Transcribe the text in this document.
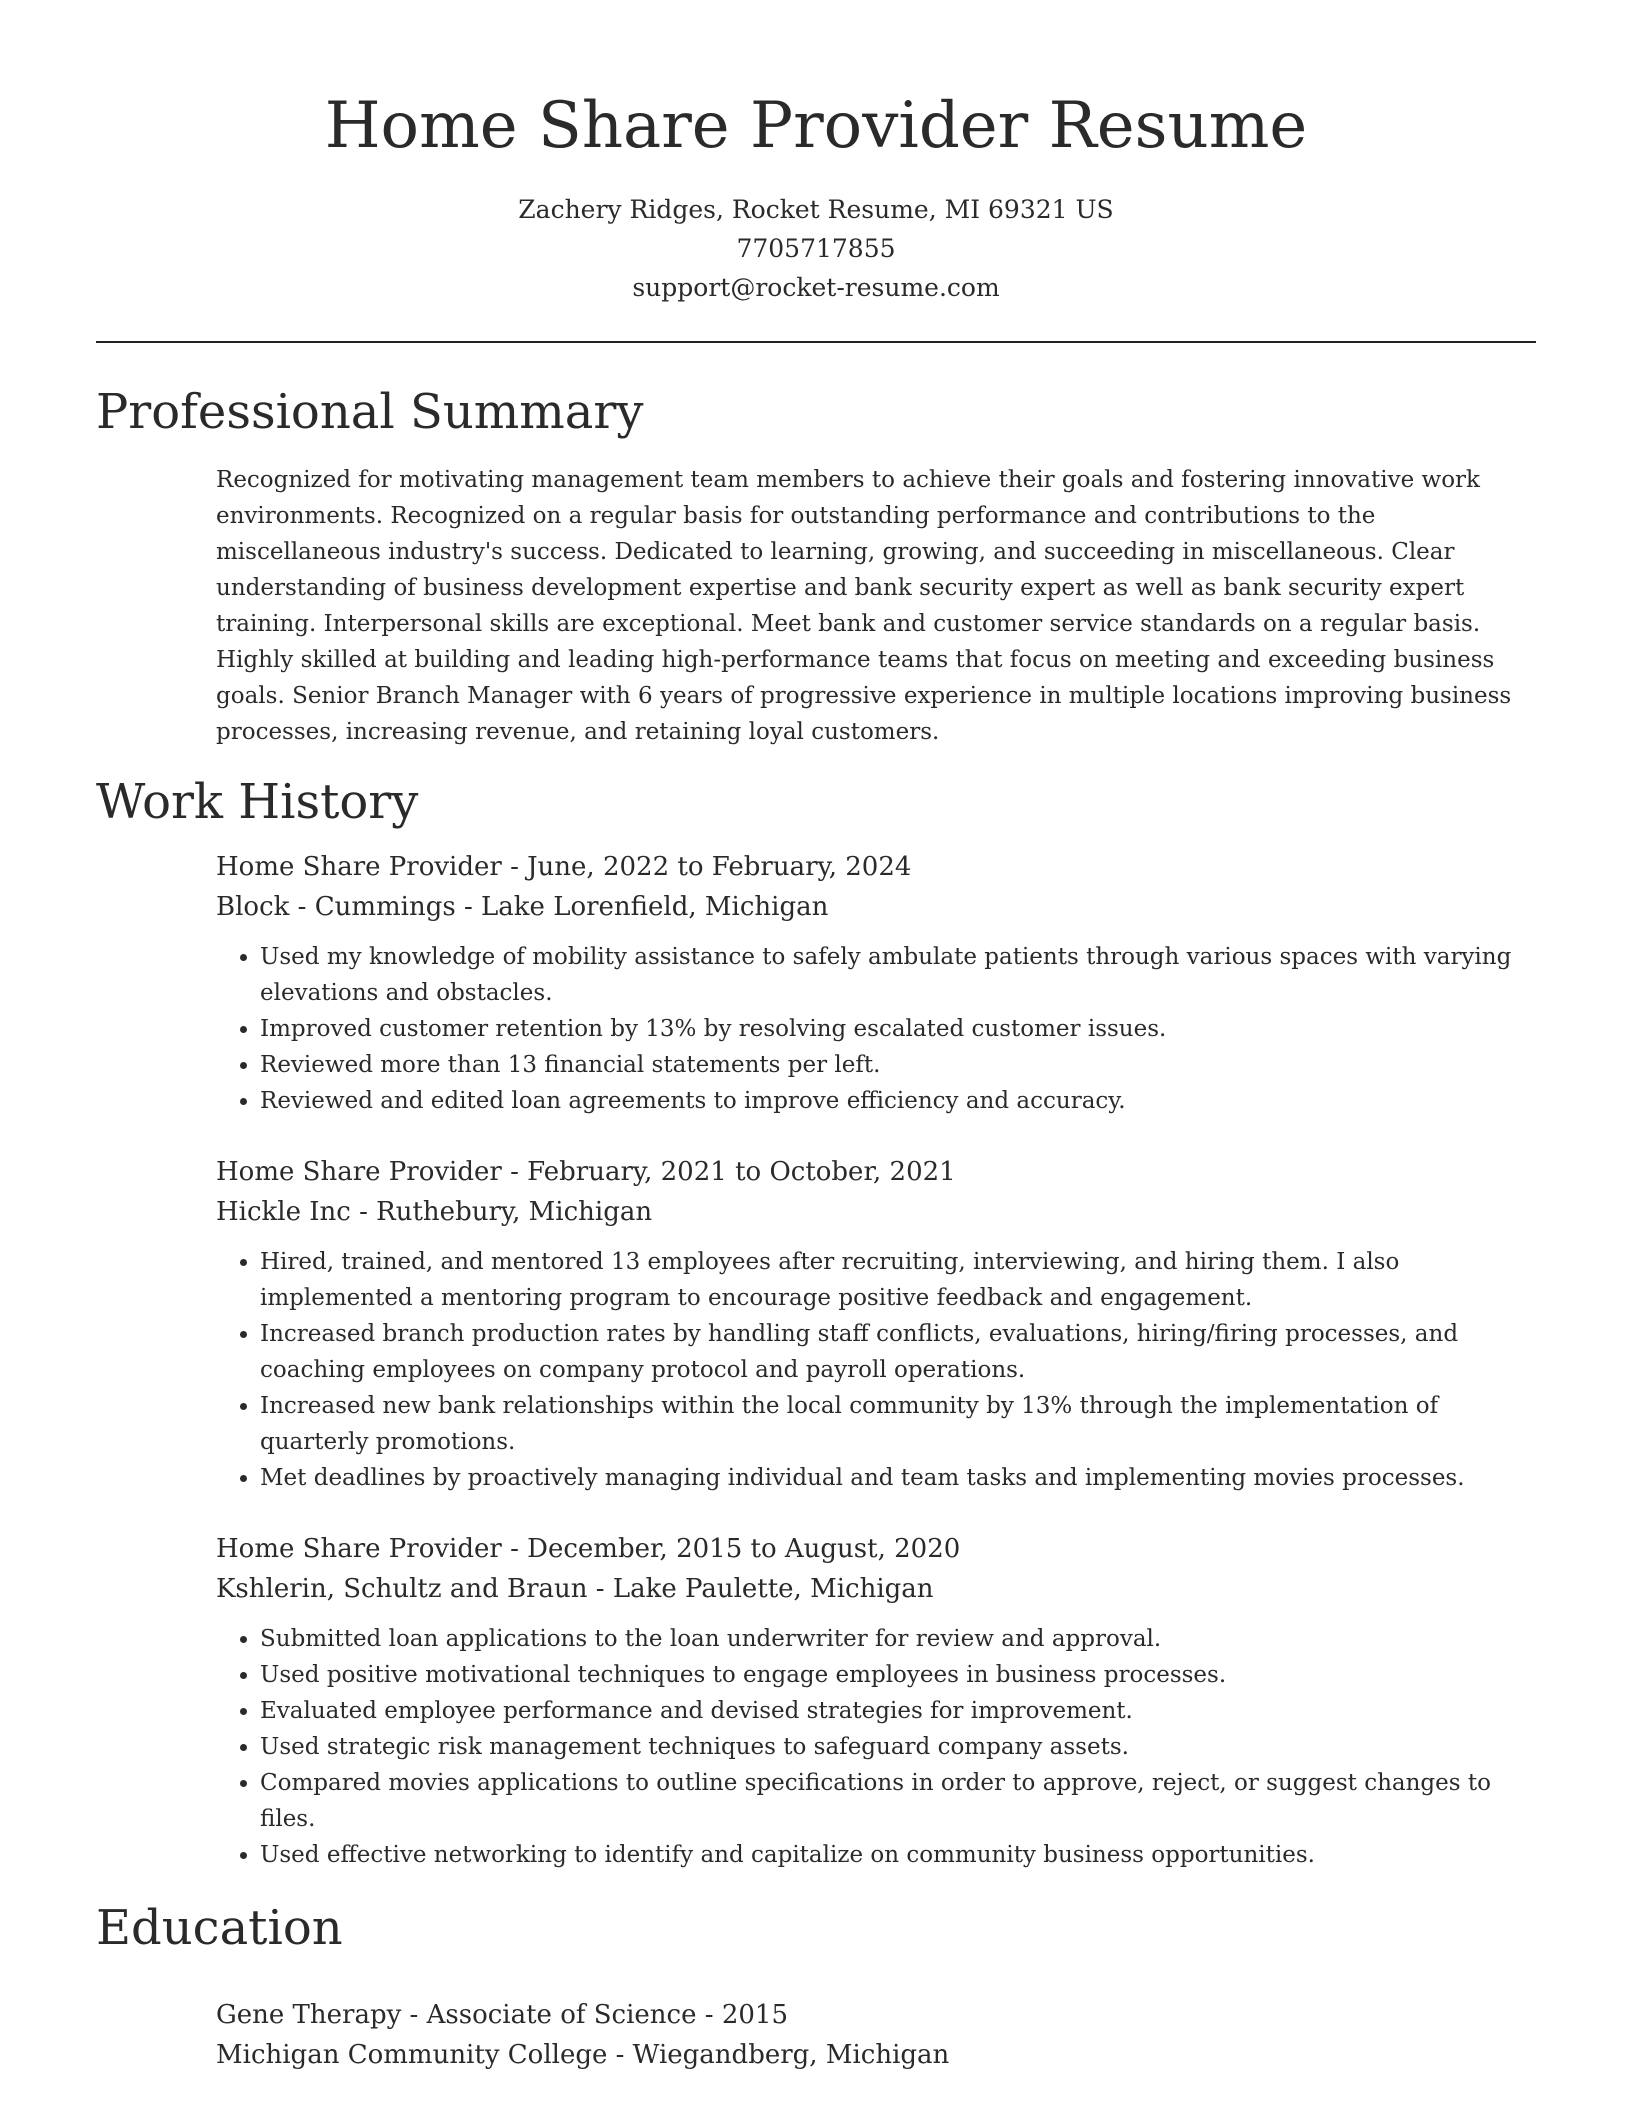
Home Share Provider Resume
Zachery Ridges, Rocket Resume, MI 69321 US
7705717855
support@rocket-resume.com
Professional Summary

Recognized for motivating management team members to achieve their goals and fostering innovative work environments. Recognized on a regular basis for outstanding performance and contributions to the miscellaneous industry's success. Dedicated to learning, growing, and succeeding in miscellaneous. Clear understanding of business development expertise and bank security expert as well as bank security expert training. Interpersonal skills are exceptional. Meet bank and customer service standards on a regular basis. Highly skilled at building and leading high-performance teams that focus on meeting and exceeding business goals. Senior Branch Manager with 6 years of progressive experience in multiple locations improving business processes, increasing revenue, and retaining loyal customers.

Work History
Home Share Provider - June, 2022 to February, 2024
Block - Cummings - Lake Lorenfield, Michigan
• Used my knowledge of mobility assistance to safely ambulate patients through various spaces with varying elevations and obstacles.
• Improved customer retention by 13% by resolving escalated customer issues.
• Reviewed more than 13 financial statements per left.
• Reviewed and edited loan agreements to improve efficiency and accuracy.
Home Share Provider - February, 2021 to October, 2021
Hickle Inc - Ruthebury, Michigan
• Hired, trained, and mentored 13 employees after recruiting, interviewing, and hiring them. I also implemented a mentoring program to encourage positive feedback and engagement.
• Increased branch production rates by handling staff conflicts, evaluations, hiring/firing processes, and coaching employees on company protocol and payroll operations.
• Increased new bank relationships within the local community by 13% through the implementation of quarterly promotions.
• Met deadlines by proactively managing individual and team tasks and implementing movies processes.
Home Share Provider - December, 2015 to August, 2020
Kshlerin, Schultz and Braun - Lake Paulette, Michigan
• Submitted loan applications to the loan underwriter for review and approval.
• Used positive motivational techniques to engage employees in business processes.
• Evaluated employee performance and devised strategies for improvement.
• Used strategic risk management techniques to safeguard company assets.
• Compared movies applications to outline specifications in order to approve, reject, or suggest changes to files.
• Used effective networking to identify and capitalize on community business opportunities.
Education
Gene Therapy - Associate of Science - 2015
Michigan Community College - Wiegandberg, Michigan
